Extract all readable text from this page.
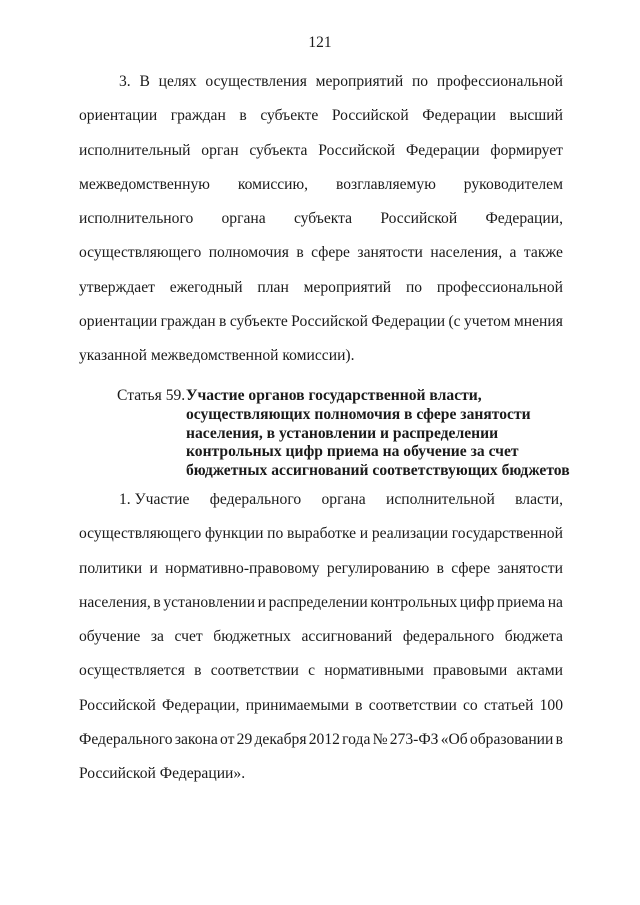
121
3. В целях осуществления мероприятий по профессиональной
ориентации граждан в субъекте Российской Федерации высший
исполнительный орган субъекта Российской Федерации формирует
межведомственную комиссию, возглавляемую руководителем
исполнительного органа субъекта Российской Федерации,
осуществляющего полномочия в сфере занятости населения, а также
утверждает ежегодный план мероприятий по профессиональной
ориентации граждан в субъекте Российской Федерации (с учетом мнения
указанной межведомственной комиссии).
Статья 59. Участие органов государственной власти,
осуществляющих полномочия в сфере занятости
населения, в установлении и распределении
контрольных цифр приема на обучение за счет
бюджетных ассигнований соответствующих бюджетов
1. Участие федерального органа исполнительной власти,
осуществляющего функции по выработке и реализации государственной
политики и нормативно-правовому регулированию в сфере занятости
населения, в установлении и распределении контрольных цифр приема на
обучение за счет бюджетных ассигнований федерального бюджета
осуществляется в соответствии с нормативными правовыми актами
Российской Федерации, принимаемыми в соответствии со статьей 100
Федерального закона от 29 декабря 2012 года № 273-ФЗ «Об образовании в
Российской Федерации».
